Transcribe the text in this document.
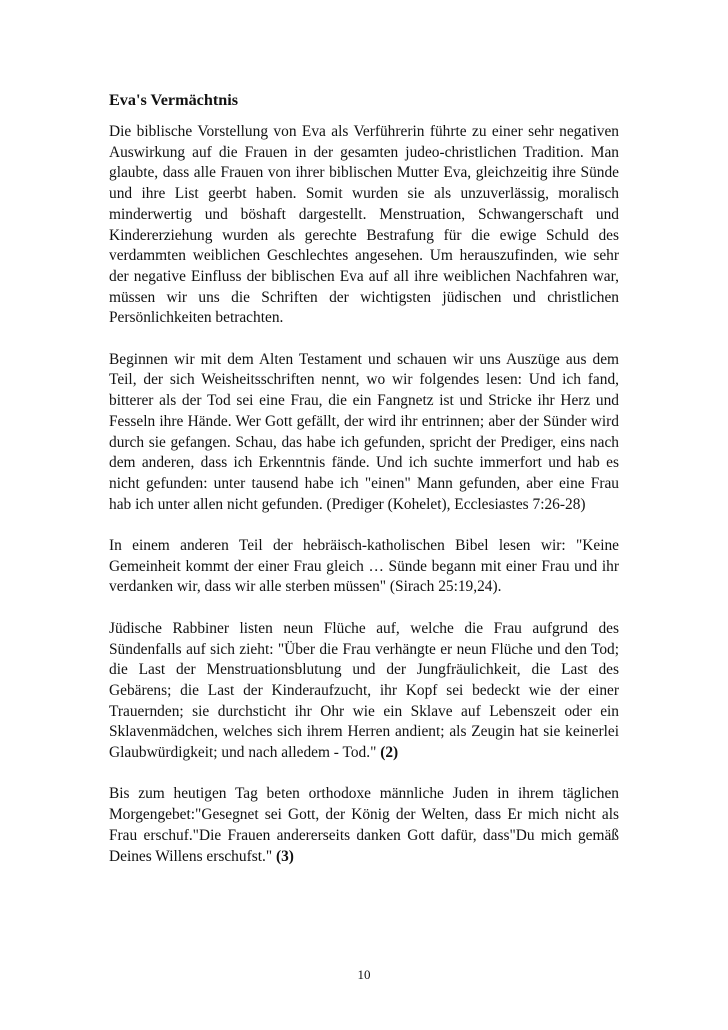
Eva's Vermächtnis

Die biblische Vorstellung von Eva als Verführerin führte zu einer sehr negativen Auswirkung auf die Frauen in der gesamten judeo-christlichen Tradition. Man glaubte, dass alle Frauen von ihrer biblischen Mutter Eva, gleichzeitig ihre Sünde und ihre List geerbt haben. Somit wurden sie als unzuverlässig, moralisch minderwertig und böshaft dargestellt. Menstruation, Schwangerschaft und Kindererziehung wurden als gerechte Bestrafung für die ewige Schuld des verdammten weiblichen Geschlechtes angesehen. Um herauszufinden, wie sehr der negative Einfluss der biblischen Eva auf all ihre weiblichen Nachfahren war, müssen wir uns die Schriften der wichtigsten jüdischen und christlichen Persönlichkeiten betrachten.

Beginnen wir mit dem Alten Testament und schauen wir uns Auszüge aus dem Teil, der sich Weisheitsschriften nennt, wo wir folgendes lesen: Und ich fand, bitterer als der Tod sei eine Frau, die ein Fangnetz ist und Stricke ihr Herz und Fesseln ihre Hände. Wer Gott gefällt, der wird ihr entrinnen; aber der Sünder wird durch sie gefangen. Schau, das habe ich gefunden, spricht der Prediger, eins nach dem anderen, dass ich Erkenntnis fände. Und ich suchte immerfort und hab es nicht gefunden: unter tausend habe ich "einen" Mann gefunden, aber eine Frau hab ich unter allen nicht gefunden. (Prediger (Kohelet), Ecclesiastes 7:26-28)

In einem anderen Teil der hebräisch-katholischen Bibel lesen wir: "Keine Gemeinheit kommt der einer Frau gleich … Sünde begann mit einer Frau und ihr verdanken wir, dass wir alle sterben müssen" (Sirach 25:19,24).

Jüdische Rabbiner listen neun Flüche auf, welche die Frau aufgrund des Sündenfalls auf sich zieht: "Über die Frau verhängte er neun Flüche und den Tod; die Last der Menstruationsblutung und der Jungfräulichkeit, die Last des Gebärens; die Last der Kinderaufzucht, ihr Kopf sei bedeckt wie der einer Trauernden; sie durchsticht ihr Ohr wie ein Sklave auf Lebenszeit oder ein Sklavenmädchen, welches sich ihrem Herren andient; als Zeugin hat sie keinerlei Glaubwürdigkeit; und nach alledem - Tod." (2)

Bis zum heutigen Tag beten orthodoxe männliche Juden in ihrem täglichen Morgengebet:"Gesegnet sei Gott, der König der Welten, dass Er mich nicht als Frau erschuf."Die Frauen andererseits danken Gott dafür, dass"Du mich gemäß Deines Willens erschufst." (3)

10
